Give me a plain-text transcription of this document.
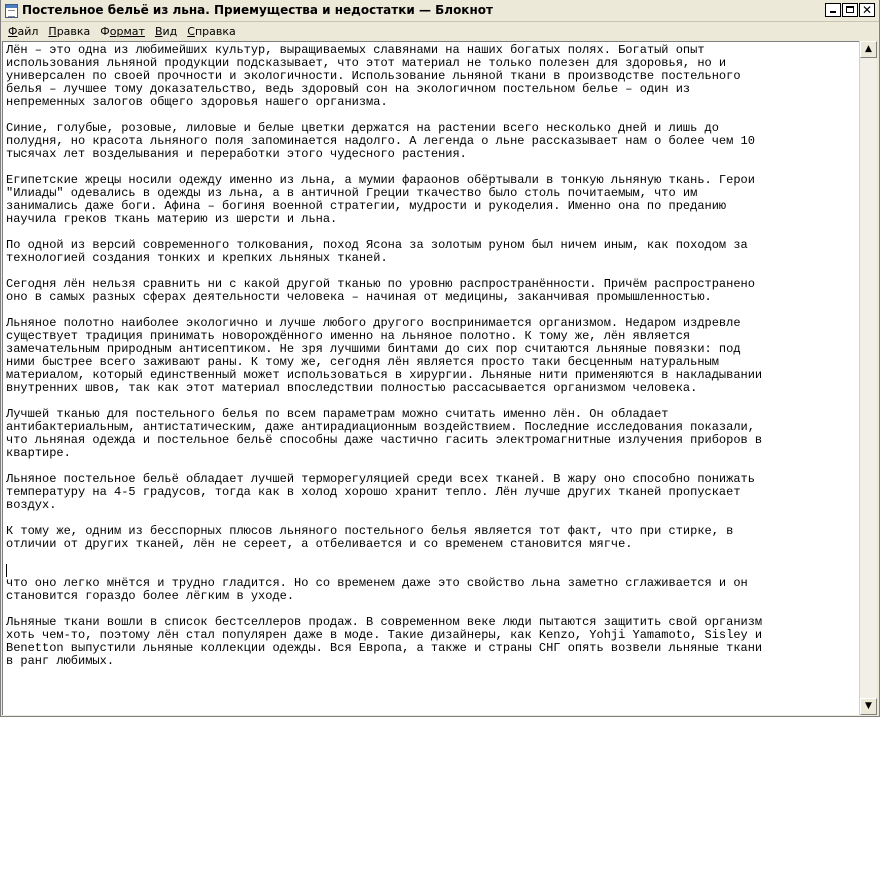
Постельное бельё из льна. Приемущества и недостатки — Блокнот	✕
Файл Правка Формат Вид Справка

Лён – это одна из любимейших культур, выращиваемых славянами на наших богатых полях. Богатый опыт

использования льняной продукции подсказывает, что этот материал не только полезен для здоровья, но и

универсален по своей прочности и экологичности. Использование льняной ткани в производстве постельного

белья – лучшее тому доказательство, ведь здоровый сон на экологичном постельном белье – один из

непременных залогов общего здоровья нашего организма.

Синие, голубые, розовые, лиловые и белые цветки держатся на растении всего несколько дней и лишь до

полудня, но красота льняного поля запоминается надолго. А легенда о льне рассказывает нам о более чем 10

тысячах лет возделывания и переработки этого чудесного растения.

Египетские жрецы носили одежду именно из льна, а мумии фараонов обёртывали в тонкую льняную ткань. Герои

"Илиады" одевались в одежды из льна, а в античной Греции ткачество было столь почитаемым, что им

занимались даже боги. Афина – богиня военной стратегии, мудрости и рукоделия. Именно она по преданию

научила греков ткань материю из шерсти и льна.

По одной из версий современного толкования, поход Ясона за золотым руном был ничем иным, как походом за

технологией создания тонких и крепких льняных тканей.

Сегодня лён нельзя сравнить ни с какой другой тканью по уровню распространённости. Причём распространено

оно в самых разных сферах деятельности человека – начиная от медицины, заканчивая промышленностью.

Льняное полотно наиболее экологично и лучше любого другого воспринимается организмом. Недаром издревле

существует традиция принимать новорождённого именно на льняное полотно. К тому же, лён является

замечательным природным антисептиком. Не зря лучшими бинтами до сих пор считаются льняные повязки: под

ними быстрее всего заживают раны. К тому же, сегодня лён является просто таки бесценным натуральным

материалом, который единственный может использоваться в хирургии. Льняные нити применяются в накладывании

внутренних швов, так как этот материал впоследствии полностью рассасывается организмом человека.

Лучшей тканью для постельного белья по всем параметрам можно считать именно лён. Он обладает

антибактериальным, антистатическим, даже антирадиационным воздействием. Последние исследования показали,

что льняная одежда и постельное бельё способны даже частично гасить электромагнитные излучения приборов в

квартире.

Льняное постельное бельё обладает лучшей терморегуляцией среди всех тканей. В жару оно способно понижать

температуру на 4-5 градусов, тогда как в холод хорошо хранит тепло. Лён лучше других тканей пропускает

воздух.

К тому же, одним из бесспорных плюсов льняного постельного белья является тот факт, что при стирке, в

отличии от других тканей, лён не сереет, а отбеливается и со временем становится мягче.

что оно легко мнётся и трудно гладится. Но со временем даже это свойство льна заметно сглаживается и он

становится гораздо более лёгким в уходе.

Льняные ткани вошли в список бестселлеров продаж. В современном веке люди пытаются защитить свой организм

хоть чем-то, поэтому лён стал популярен даже в моде. Такие дизайнеры, как Kenzo, Yohji Yamamoto, Sisley и

Benetton выпустили льняные коллекции одежды. Вся Европа, а также и страны СНГ опять возвели льняные ткани

в ранг любимых.

▲
▼
